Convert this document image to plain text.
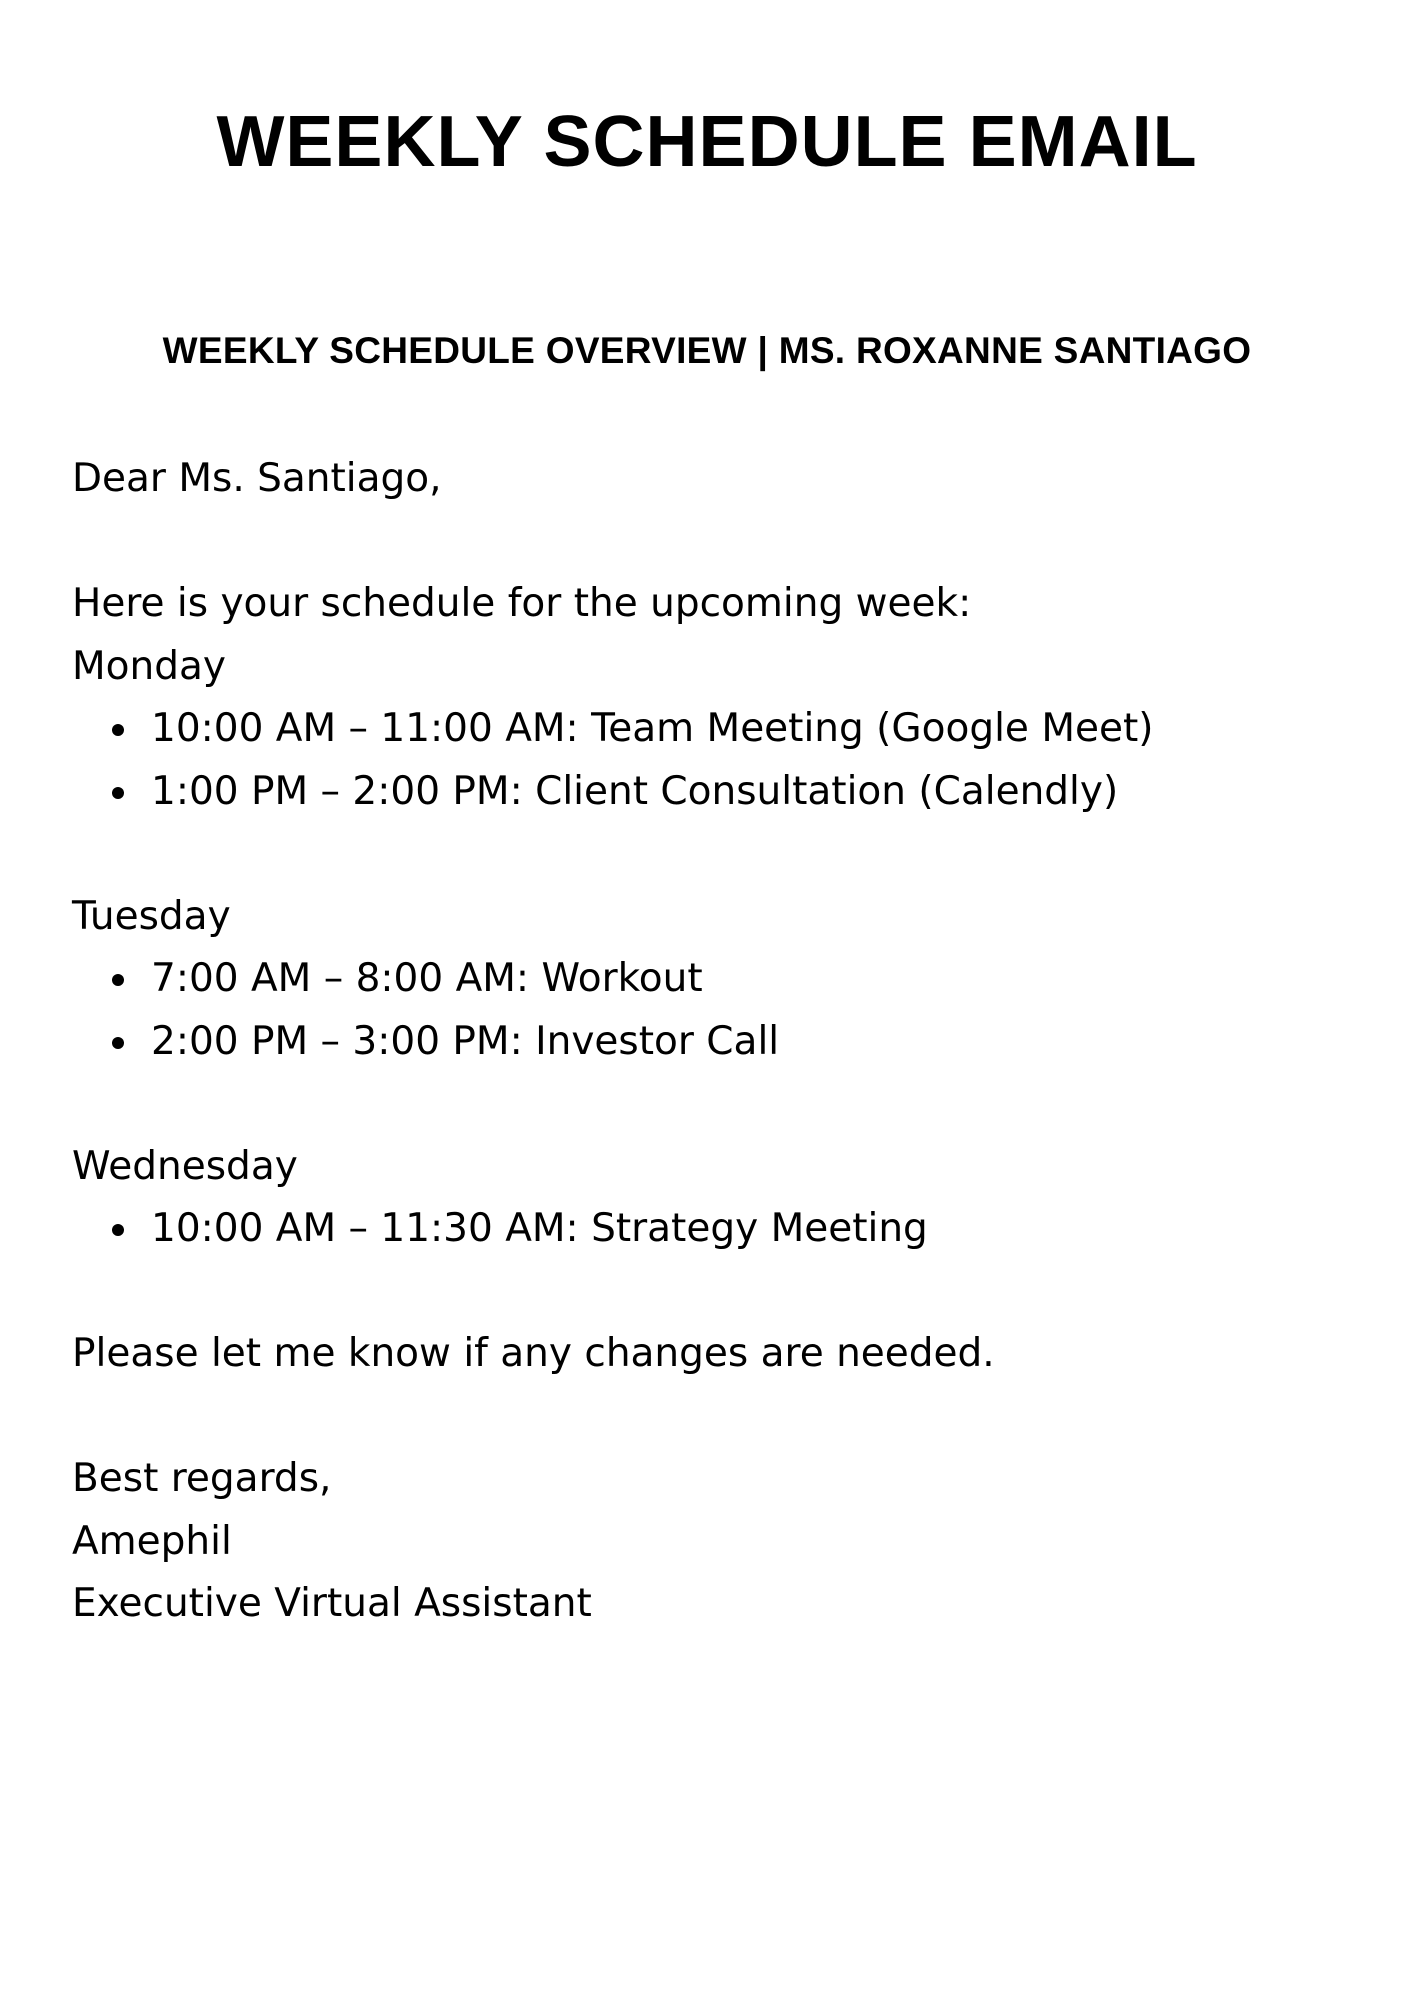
WEEKLY SCHEDULE EMAIL
WEEKLY SCHEDULE OVERVIEW | MS. ROXANNE SANTIAGO
Dear Ms. Santiago,
Here is your schedule for the upcoming week:
Monday
10:00 AM – 11:00 AM: Team Meeting (Google Meet)
1:00 PM – 2:00 PM: Client Consultation (Calendly)
Tuesday
7:00 AM – 8:00 AM: Workout
2:00 PM – 3:00 PM: Investor Call
Wednesday
10:00 AM – 11:30 AM: Strategy Meeting
Please let me know if any changes are needed.
Best regards,
Amephil
Executive Virtual Assistant
